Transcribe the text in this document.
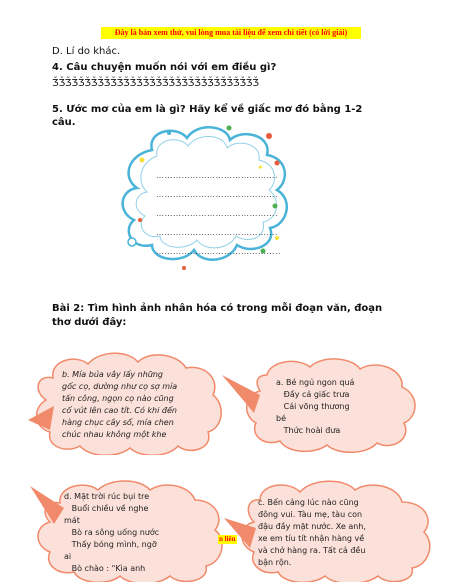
Đây là bản xem thử, vui lòng mua tài liệu để xem chi tiết (có lời giải)
D. Lí do khác.
4. Câu chuyện muốn nói với em điều gì?
ǮǮǮǮǮǮǮǮǮǮǮǮǮǮǮǮǮǮǮǮǮǮǮǮǮǮǮǮǮǮǮǮ
5. Ước mơ của em là gì? Hãy kể về giấc mơ đó bằng 1-2
câu.
✦
…………………………………….
…………………………………….
…………………………………….
…………………………………….
……………………………………..
Bài 2: Tìm hình ảnh nhân hóa có trong mỗi đoạn văn, đoạn
thơ dưới đây:
b. Mía bủa vây lấy những
gốc cọ, dường như cọ sợ mía
tấn công, ngọn cọ nào cũng
cố vút lên cao tít. Có khi đến
hàng chục cây số, mía chen
chúc nhau không một khe
a. Bé ngủ ngon quá
Đầy cả giấc trưa
Cái võng thương
bé
Thức hoài đưa
d. Mặt trời rúc bụi tre
Buổi chiều về nghe
mát
Bò ra sông uống nước
Thấy bóng mình, ngỡ
ai
Bò chào : "Kìa anh
c. Bến cảng lúc nào cũng
đông vui. Tàu mẹ, tàu con
đậu đầy mặt nước. Xe anh,
xe em tíu tít nhận hàng về
và chở hàng ra. Tất cả đều
bận rộn.
n liên
